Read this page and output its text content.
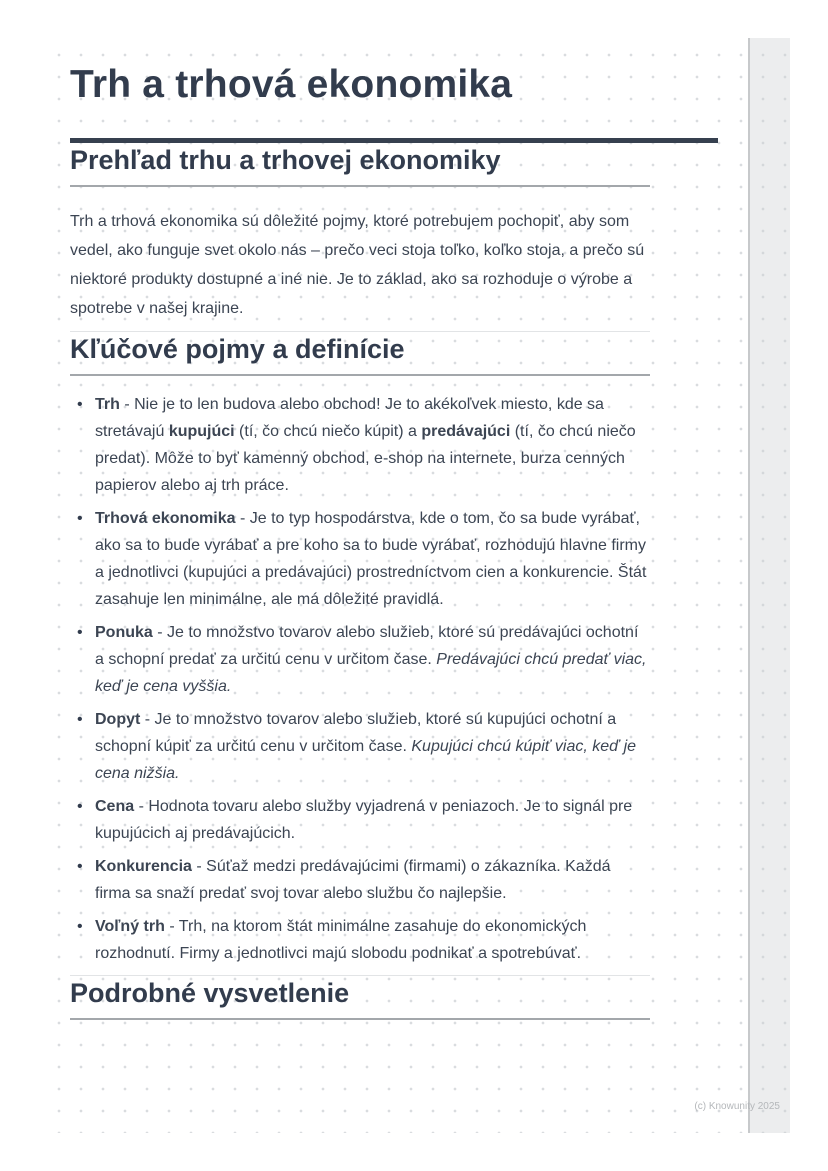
Trh a trhová ekonomika
Prehľad trhu a trhovej ekonomiky

Trh a trhová ekonomika sú dôležité pojmy, ktoré potrebujem pochopiť, aby som vedel, ako funguje svet okolo nás – prečo veci stoja toľko, koľko stoja, a prečo sú niektoré produkty dostupné a iné nie. Je to základ, ako sa rozhoduje o výrobe a spotrebe v našej krajine.

Kľúčové pojmy a definície
• Trh - Nie je to len budova alebo obchod! Je to akékoľvek miesto, kde sa stretávajú kupujúci (tí, čo chcú niečo kúpit) a predávajúci (tí, čo chcú niečo predat). Môže to byť kamenný obchod, e-shop na internete, burza cenných papierov alebo aj trh práce.
• Trhová ekonomika - Je to typ hospodárstva, kde o tom, čo sa bude vyrábať, ako sa to bude vyrábať a pre koho sa to bude vyrábať, rozhodujú hlavne firmy a jednotlivci (kupujúci a predávajúci) prostredníctvom cien a konkurencie. Štát zasahuje len minimálne, ale má dôležité pravidlá.
• Ponuka - Je to množstvo tovarov alebo služieb, ktoré sú predávajúci ochotní a schopní predať za určitú cenu v určitom čase. Predávajúci chcú predať viac, keď je cena vyššia.
• Dopyt - Je to množstvo tovarov alebo služieb, ktoré sú kupujúci ochotní a schopní kúpiť za určitú cenu v určitom čase. Kupujúci chcú kúpiť viac, keď je cena nižšia.
• Cena - Hodnota tovaru alebo služby vyjadrená v peniazoch. Je to signál pre kupujúcich aj predávajúcich.
• Konkurencia - Súťaž medzi predávajúcimi (firmami) o zákazníka. Každá firma sa snaží predať svoj tovar alebo službu čo najlepšie.
• Voľný trh - Trh, na ktorom štát minimálne zasahuje do ekonomických rozhodnutí. Firmy a jednotlivci majú slobodu podnikať a spotrebúvať.
Podrobné vysvetlenie
(c) Knowunity 2025
